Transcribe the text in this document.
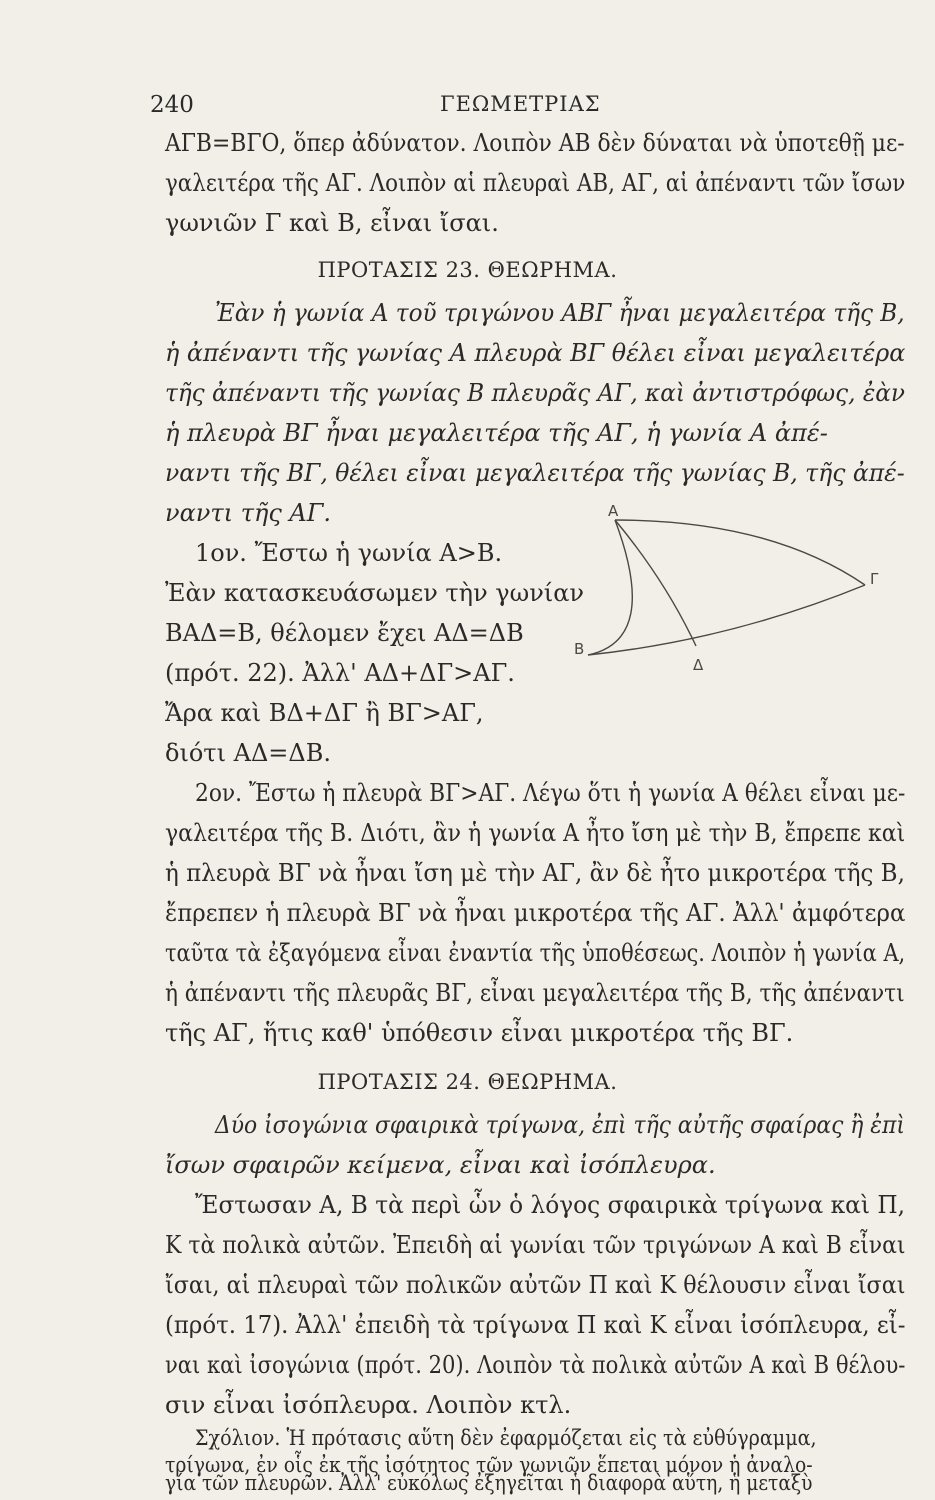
240	ΓΕΩΜΕΤΡΙΑΣ
ΑΓΒ=ΒΓΟ, ὅπερ ἀδύνατον. Λοιπὸν ΑΒ δὲν δύναται νὰ ὑποτεθῇ με-
γαλειτέρα τῆς ΑΓ. Λοιπὸν αἱ πλευραὶ ΑΒ, ΑΓ, αἱ ἀπέναντι τῶν ἴσων
γωνιῶν Γ καὶ Β, εἶναι ἴσαι.
ΠΡΟΤΑΣΙΣ 23. ΘΕΩΡΗΜΑ.
Ἐὰν ἡ γωνία Α τοῦ τριγώνου ΑΒΓ ἦναι μεγαλειτέρα τῆς Β,
ἡ ἀπέναντι τῆς γωνίας Α πλευρὰ ΒΓ θέλει εἶναι μεγαλειτέρα
τῆς ἀπέναντι τῆς γωνίας Β πλευρᾶς ΑΓ, καὶ ἀντιστρόφως, ἐὰν
ἡ πλευρὰ ΒΓ ἦναι μεγαλειτέρα τῆς ΑΓ, ἡ γωνία Α ἀπέ-
ναντι τῆς ΒΓ, θέλει εἶναι μεγαλειτέρα τῆς γωνίας Β, τῆς ἀπέ-
ναντι τῆς ΑΓ.
1ον. Ἔστω ἡ γωνία Α>Β.
Ἐὰν κατασκευάσωμεν τὴν γωνίαν
ΒΑΔ=Β, θέλομεν ἔχει ΑΔ=ΔΒ
(πρότ. 22). Ἀλλ' ΑΔ+ΔΓ>ΑΓ.
Ἄρα καὶ ΒΔ+ΔΓ ἢ ΒΓ>ΑΓ,
διότι ΑΔ=ΔΒ.
Α
Β
Γ
Δ
2ον. Ἔστω ἡ πλευρὰ ΒΓ>ΑΓ. Λέγω ὅτι ἡ γωνία Α θέλει εἶναι με-
γαλειτέρα τῆς Β. Διότι, ἂν ἡ γωνία Α ἦτο ἴση μὲ τὴν Β, ἔπρεπε καὶ
ἡ πλευρὰ ΒΓ νὰ ἦναι ἴση μὲ τὴν ΑΓ, ἂν δὲ ἦτο μικροτέρα τῆς Β,
ἔπρεπεν ἡ πλευρὰ ΒΓ νὰ ἦναι μικροτέρα τῆς ΑΓ. Ἀλλ' ἀμφότερα
ταῦτα τὰ ἐξαγόμενα εἶναι ἐναντία τῆς ὑποθέσεως. Λοιπὸν ἡ γωνία Α,
ἡ ἀπέναντι τῆς πλευρᾶς ΒΓ, εἶναι μεγαλειτέρα τῆς Β, τῆς ἀπέναντι
τῆς ΑΓ, ἥτις καθ' ὑπόθεσιν εἶναι μικροτέρα τῆς ΒΓ.
ΠΡΟΤΑΣΙΣ 24. ΘΕΩΡΗΜΑ.
Δύο ἰσογώνια σφαιρικὰ τρίγωνα, ἐπὶ τῆς αὐτῆς σφαίρας ἢ ἐπὶ
ἴσων σφαιρῶν κείμενα, εἶναι καὶ ἰσόπλευρα.
Ἔστωσαν Α, Β τὰ περὶ ὧν ὁ λόγος σφαιρικὰ τρίγωνα καὶ Π,
Κ τὰ πολικὰ αὐτῶν. Ἐπειδὴ αἱ γωνίαι τῶν τριγώνων Α καὶ Β εἶναι
ἴσαι, αἱ πλευραὶ τῶν πολικῶν αὐτῶν Π καὶ Κ θέλουσιν εἶναι ἴσαι
(πρότ. 17). Ἀλλ' ἐπειδὴ τὰ τρίγωνα Π καὶ Κ εἶναι ἰσόπλευρα, εἶ-
ναι καὶ ἰσογώνια (πρότ. 20). Λοιπὸν τὰ πολικὰ αὐτῶν Α καὶ Β θέλου-
σιν εἶναι ἰσόπλευρα. Λοιπὸν κτλ.
Σχόλιον. Ἡ πρότασις αὕτη δὲν ἐφαρμόζεται εἰς τὰ εὐθύγραμμα,
τρίγωνα, ἐν οἷς ἐκ τῆς ἰσότητος τῶν γωνιῶν ἕπεται μόνον ἡ ἀναλο-
γία τῶν πλευρῶν. Ἀλλ' εὐκόλως ἐξηγεῖται ἡ διαφορὰ αὕτη, ἡ μεταξὺ
